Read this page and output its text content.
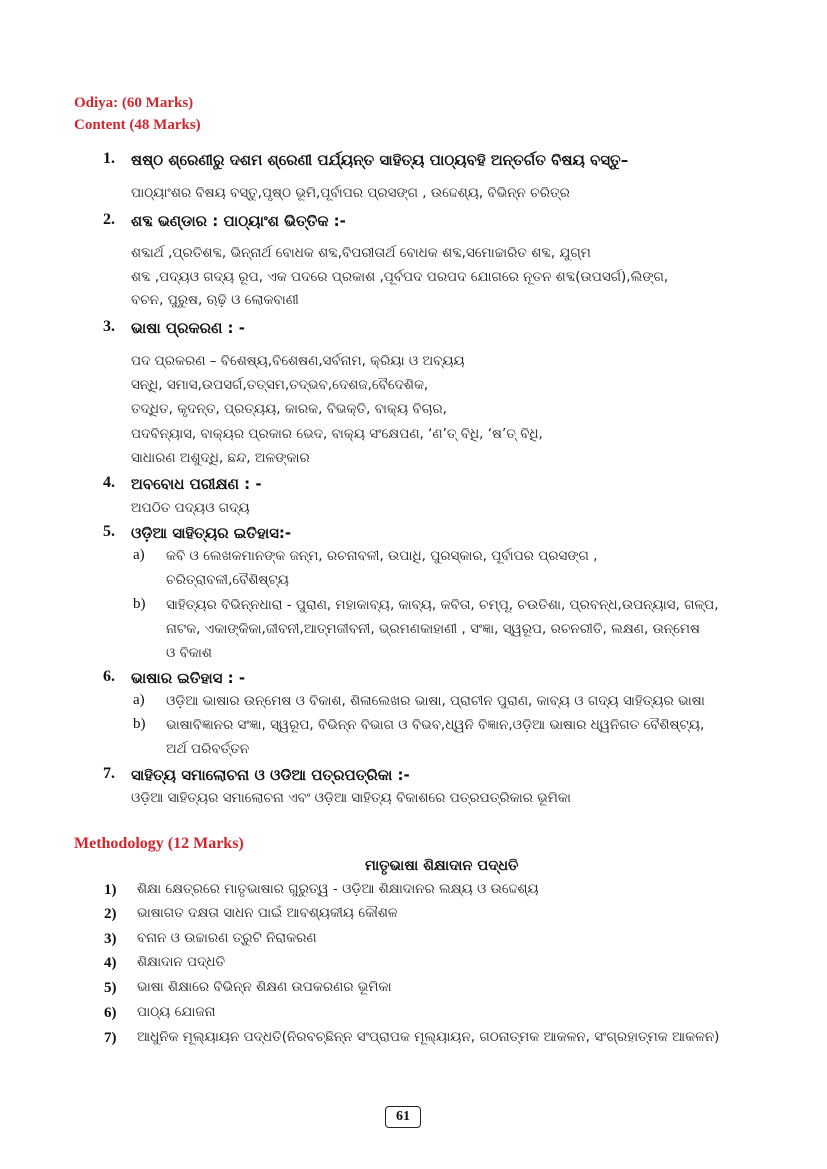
Odiya: (60 Marks)
Content (48 Marks)
1. ଷଷ୍ଠ ଶ୍ରେଣୀରୁ ଦଶମ ଶ୍ରେଣୀ ପର୍ଯ୍ୟନ୍ତ ସାହିତ୍ୟ ପାଠ୍ୟବହି ଅନ୍ତର୍ଗତ ବିଷୟ ବସ୍ତୁ–
ପାଠ୍ୟାଂଶର ବିଷୟ ବସ୍ତୁ,ପୃଷ୍ଠ ଭୂମି,ପୂର୍ବାପର ପ୍ରସଙ୍ଗ , ଉଦ୍ଦେଶ୍ୟ, ବିଭିନ୍ନ ଚରିତ୍ର
2. ଶବ୍ଦ ଭଣ୍ଡାର : ପାଠ୍ୟାଂଶ ଭିତ୍ତିକ :-
ଶବ୍ଦାର୍ଥ ,ପ୍ରତିଶବ୍ଦ, ଭିନ୍ନାର୍ଥ ବୋଧକ ଶବ୍ଦ,ବିପରୀତାର୍ଥ ବୋଧକ ଶବ୍ଦ,ସମୋଚ୍ଚାରିତ ଶବ୍ଦ, ଯୁଗ୍ମ
ଶବ୍ଦ ,ପଦ୍ୟଓ ଗଦ୍ୟ ରୂପ, ଏକ ପଦରେ ପ୍ରକାଶ ,ପୂର୍ବପଦ ପରପଦ ଯୋଗରେ ନୂତନ ଶବ୍ଦ(ଉପସର୍ଗ),ଲିଙ୍ଗ,
ବଚନ, ପୁରୁଷ, ଋଢ଼ି ଓ ଲୋକବାଣୀ
3. ଭାଷା ପ୍ରକରଣ : -
ପଦ ପ୍ରକରଣ – ବିଶେଷ୍ୟ,ବିଶେଷଣ,ସର୍ବନାମ, କ୍ରିୟା ଓ ଅବ୍ୟୟ
ସନ୍ଧି, ସମାସ,ଉପସର୍ଗ,ତତ୍ସମ,ତଦ୍ଭବ,ଦେଶଜ,ବୈଦେଶିକ,
ତଦ୍ଧିତ, କୃଦନ୍ତ, ପ୍ରତ୍ୟୟ, କାରକ, ବିଭକ୍ତି, ବାକ୍ୟ ବିଚାର,
ପଦବିନ୍ୟାସ, ବାକ୍ୟର ପ୍ରକାର ଭେଦ, ବାକ୍ୟ ସଂକ୍ଷେପଣ, ‘ଣ’ତ୍ ବିଧି, ‘ଷ’ତ୍ ବିଧି,
ସାଧାରଣ ଅଶୁଦ୍ଧି, ଛନ୍ଦ, ଅଳଙ୍କାର
4. ଅବବୋଧ ପରୀକ୍ଷଣ : -
ଅପଠିତ ପଦ୍ୟଓ ଗଦ୍ୟ
5. ଓଡ଼ିଆ ସାହିତ୍ୟର ଇତିହାସ:-
a) କବି ଓ ଲେଖକମାନଙ୍କ ଜନ୍ମ, ରଚନାବଳୀ, ଉପାଧି, ପୁରସ୍କାର, ପୂର୍ବାପର ପ୍ରସଙ୍ଗ ,
ଚରିତ୍ରାବଳୀ,ବୈଶିଷ୍ଟ୍ୟ
b) ସାହିତ୍ୟର ବିଭିନ୍ନଧାରା - ପୁରାଣ, ମହାକାବ୍ୟ, କାବ୍ୟ, କବିତା, ଚମ୍ପୂ, ଚଉତିଶା, ପ୍ରବନ୍ଧ,ଉପନ୍ୟାସ, ଗଳ୍ପ,
ନାଟକ, ଏକାଙ୍କିକା,ଜୀବନୀ,ଆତ୍ମଜୀବନୀ, ଭ୍ରମଣକାହାଣୀ , ସଂଜ୍ଞା, ସ୍ୱରୂପ, ରଚନରୀତି, ଲକ୍ଷଣ, ଉନ୍ମେଷ
ଓ ବିକାଶ
6. ଭାଷାର ଇତିହାସ : -
a) ଓଡ଼ିଆ ଭାଷାର ଉନ୍ମେଷ ଓ ବିକାଶ, ଶିଳାଲେଖର ଭାଷା, ପ୍ରାଚୀନ ପୁରାଣ, କାବ୍ୟ ଓ ଗଦ୍ୟ ସାହିତ୍ୟର ଭାଷା
b) ଭାଷାବିଜ୍ଞାନର ସଂଜ୍ଞା, ସ୍ୱରୂପ, ବିଭିନ୍ନ ବିଭାଗ ଓ ବିଭବ,ଧ୍ୱନି ବିଜ୍ଞାନ,ଓଡ଼ିଆ ଭାଷାର ଧ୍ୱନିଗତ ବୈଶିଷ୍ଟ୍ୟ,
ଅର୍ଥ ପରିବର୍ତ୍ତନ
7. ସାହିତ୍ୟ ସମାଲୋଚନା ଓ ଓଡିଆ ପତ୍ରପତ୍ରିକା :-
ଓଡ଼ିଆ ସାହିତ୍ୟର ସମାଲୋଚନା ଏବଂ ଓଡ଼ିଆ ସାହିତ୍ୟ ବିକାଶରେ ପତ୍ରପତ୍ରିକାର ଭୂମିକା
Methodology (12 Marks)
ମାତୃଭାଷା ଶିକ୍ଷାଦାନ ପଦ୍ଧତି
1) ଶିକ୍ଷା କ୍ଷେତ୍ରରେ ମାତୃଭାଷାର ଗୁରୁତ୍ୱ - ଓଡ଼ିଆ ଶିକ୍ଷାଦାନର ଲକ୍ଷ୍ୟ ଓ ଉଦ୍ଦେଶ୍ୟ
2) ଭାଷାଗତ ଦକ୍ଷତା ସାଧନ ପାଇଁ ଆବଶ୍ୟକୀୟ କୌଶଳ
3) ବନାନ ଓ ଉଚ୍ଚାରଣ ତ୍ରୁଟି ନିରାକରଣ
4) ଶିକ୍ଷାଦାନ ପଦ୍ଧତି
5) ଭାଷା ଶିକ୍ଷାରେ ବିଭିନ୍ନ ଶିକ୍ଷଣ ଉପକରଣର ଭୂମିକା
6) ପାଠ୍ୟ ଯୋଜନା
7) ଆଧୁନିକ ମୂଲ୍ୟାୟନ ପଦ୍ଧତି(ନିରବଚ୍ଛିନ୍ନ ସଂପ୍ରାପକ ମୂଲ୍ୟାୟନ, ଗଠନାତ୍ମକ ଆକଳନ, ସଂଗ୍ରହାତ୍ମକ ଆକଳନ)
61
